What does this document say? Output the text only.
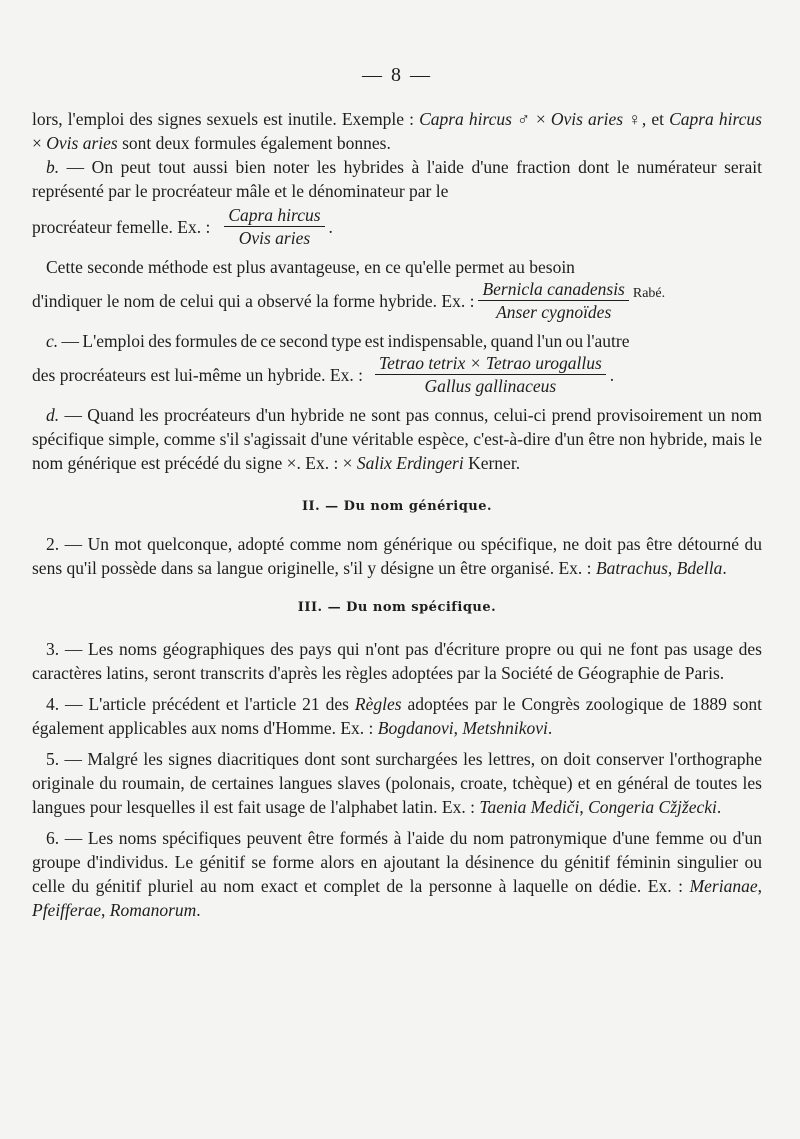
— 8 —

lors, l'emploi des signes sexuels est inutile. Exemple : Capra hircus ♂ × Ovis aries ♀, et Capra hircus × Ovis aries sont deux formules également bonnes.

b. — On peut tout aussi bien noter les hybrides à l'aide d'une fraction dont le numérateur serait représenté par le procréateur mâle et le dénominateur par le

procréateur femelle. Ex. : $\frac{\text{Capra hircus}}{\text{Ovis aries}}$ .

Cette seconde méthode est plus avantageuse, en ce qu'elle permet au besoin

d'indiquer le nom de celui qui a observé la forme hybride. Ex. : $\frac{\text{Bernicla canadensis}}{\text{Anser cygnoïdes}}$ Rabé .

c. — L'emploi des formules de ce second type est indispensable, quand l'un ou l'autre

des procréateurs est lui-même un hybride. Ex. : $\frac{\text{Tetrao tetrix × Tetrao urogallus}}{\text{Gallus gallinaceus}}$ .

d. — Quand les procréateurs d'un hybride ne sont pas connus, celui-ci prend provisoirement un nom spécifique simple, comme s'il s'agissait d'une véritable espèce, c'est-à-dire d'un être non hybride, mais le nom générique est précédé du signe ×. Ex. : × Salix Erdingeri Kerner.

II. — Du nom générique.

2. — Un mot quelconque, adopté comme nom générique ou spécifique, ne doit pas être détourné du sens qu'il possède dans sa langue originelle, s'il y désigne un être organisé. Ex. : Batrachus, Bdella.

III. — Du nom spécifique.

3. — Les noms géographiques des pays qui n'ont pas d'écriture propre ou qui ne font pas usage des caractères latins, seront transcrits d'après les règles adoptées par la Société de Géographie de Paris.

4. — L'article précédent et l'article 21 des Règles adoptées par le Congrès zoologique de 1889 sont également applicables aux noms d'Homme. Ex. : Bogdanovi, Metshnikovi.

5. — Malgré les signes diacritiques dont sont surchargées les lettres, on doit conserver l'orthographe originale du roumain, de certaines langues slaves (polonais, croate, tchèque) et en général de toutes les langues pour lesquelles il est fait usage de l'alphabet latin. Ex. : Taenia Mediči, Congeria Cžjžecki.

6. — Les noms spécifiques peuvent être formés à l'aide du nom patronymique d'une femme ou d'un groupe d'individus. Le génitif se forme alors en ajoutant la désinence du génitif féminin singulier ou celle du génitif pluriel au nom exact et complet de la personne à laquelle on dédie. Ex. : Merianae, Pfeifferae, Romanorum.
